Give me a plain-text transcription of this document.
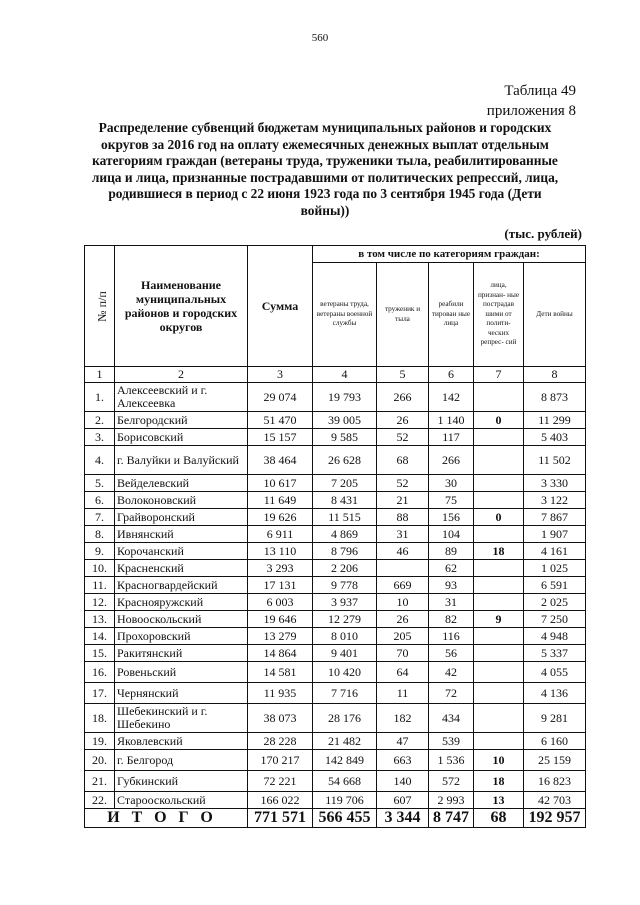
560
Таблица 49
приложения 8
Распределение субвенций бюджетам муниципальных районов и городских округов за 2016 год на оплату ежемесячных денежных выплат отдельным категориям граждан (ветераны труда, труженики тыла, реабилитированные лица и лица, признанные пострадавшими от политических репрессий, лица, родившиеся в период с 22 июня 1923 года по 3 сентября 1945 года (Дети войны))
(тыс. рублей)
№ п/п	Наименование муниципальных районов и городских округов	Сумма	в том числе по категориям граждан:				
			ветераны труда, ветераны военной службы	труженик и тыла	реабили тирован ные лица	лица, признан- ные пострадав шими от полити- ческих репрес- сий	Дети войны
1	2	3	4	5	6	7	8
1.	Алексеевский и г. Алексеевка	29 074	19 793	266	142		8 873
2.	Белгородский	51 470	39 005	26	1 140	0	11 299
3.	Борисовский	15 157	9 585	52	117		5 403
4.	г. Валуйки и Валуйский	38 464	26 628	68	266		11 502
5.	Вейделевский	10 617	7 205	52	30		3 330
6.	Волоконовский	11 649	8 431	21	75		3 122
7.	Грайворонский	19 626	11 515	88	156	0	7 867
8.	Ивнянский	6 911	4 869	31	104		1 907
9.	Корочанский	13 110	8 796	46	89	18	4 161
10.	Красненский	3 293	2 206		62		1 025
11.	Красногвардейский	17 131	9 778	669	93		6 591
12.	Краснояружский	6 003	3 937	10	31		2 025
13.	Новооскольский	19 646	12 279	26	82	9	7 250
14.	Прохоровский	13 279	8 010	205	116		4 948
15.	Ракитянский	14 864	9 401	70	56		5 337
16.	Ровеньский	14 581	10 420	64	42		4 055
17.	Чернянский	11 935	7 716	11	72		4 136
18.	Шебекинский и г. Шебекино	38 073	28 176	182	434		9 281
19.	Яковлевский	28 228	21 482	47	539		6 160
20.	г. Белгород	170 217	142 849	663	1 536	10	25 159
21.	Губкинский	72 221	54 668	140	572	18	16 823
22.	Старооскольский	166 022	119 706	607	2 993	13	42 703
ИТОГО		771 571	566 455	3 344	8 747	68	192 957
